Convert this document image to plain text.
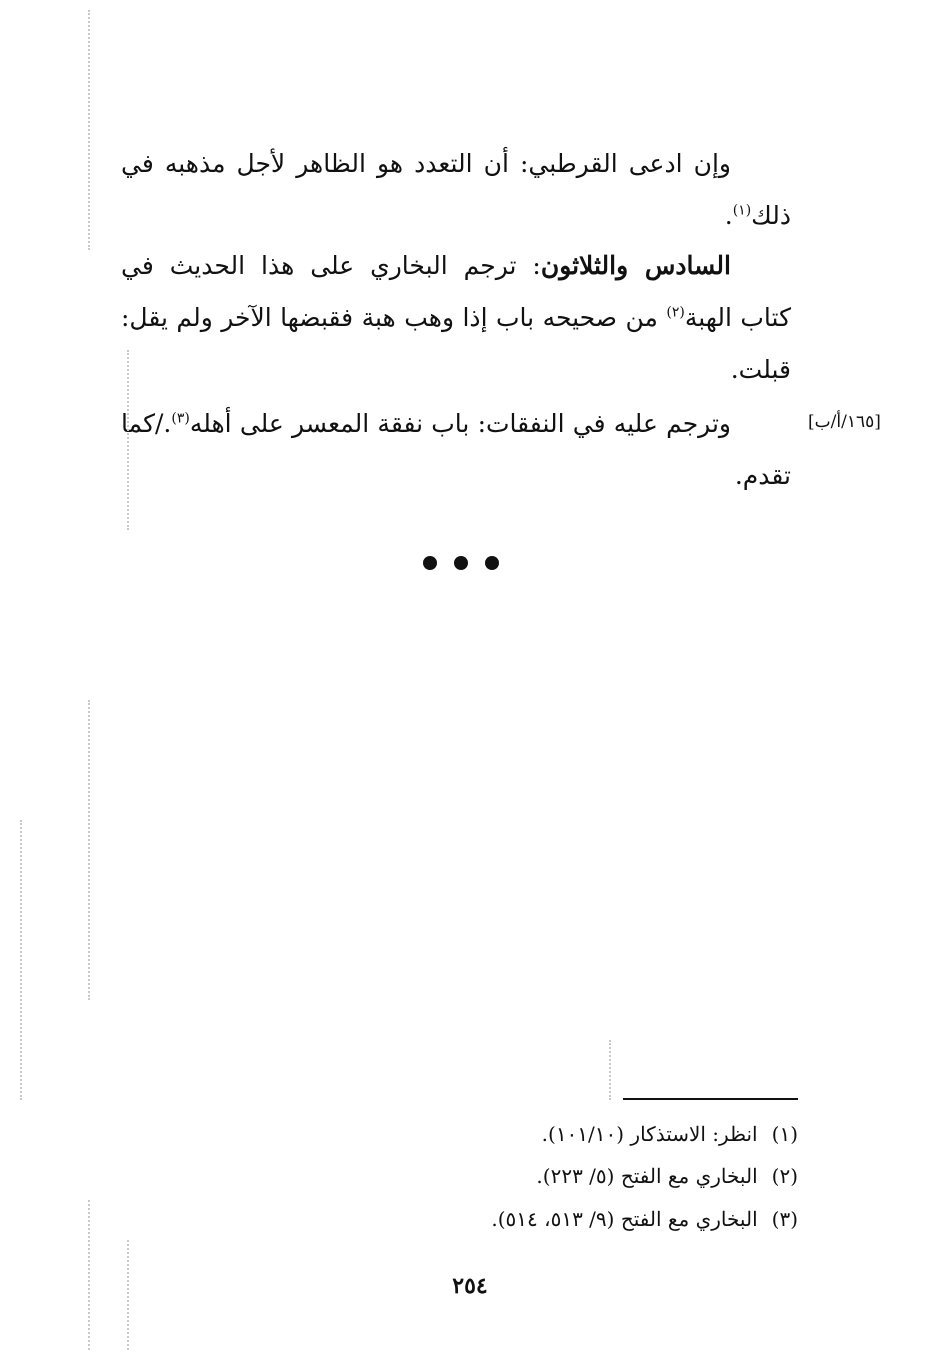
وإن ادعى القرطبي: أن التعدد هو الظاهر لأجل مذهبه في ذلك$^{(١)}$.

السادس والثلاثون: ترجم البخاري على هذا الحديث في كتاب الهبة$^{(٢)}$ من صحيحه باب إذا وهب هبة فقبضها الآخر ولم يقل: قبلت.

وترجم عليه في النفقات: باب نفقة المعسر على أهله$^{(٣)}$./كما تقدم.

[١٦٥/أ/ب]
(١)انظر: الاستذكار (١٠١/١٠).
(٢)البخاري مع الفتح (٥/ ٢٢٣).
(٣)البخاري مع الفتح (٩/ ٥١٣، ٥١٤).
٢٥٤
